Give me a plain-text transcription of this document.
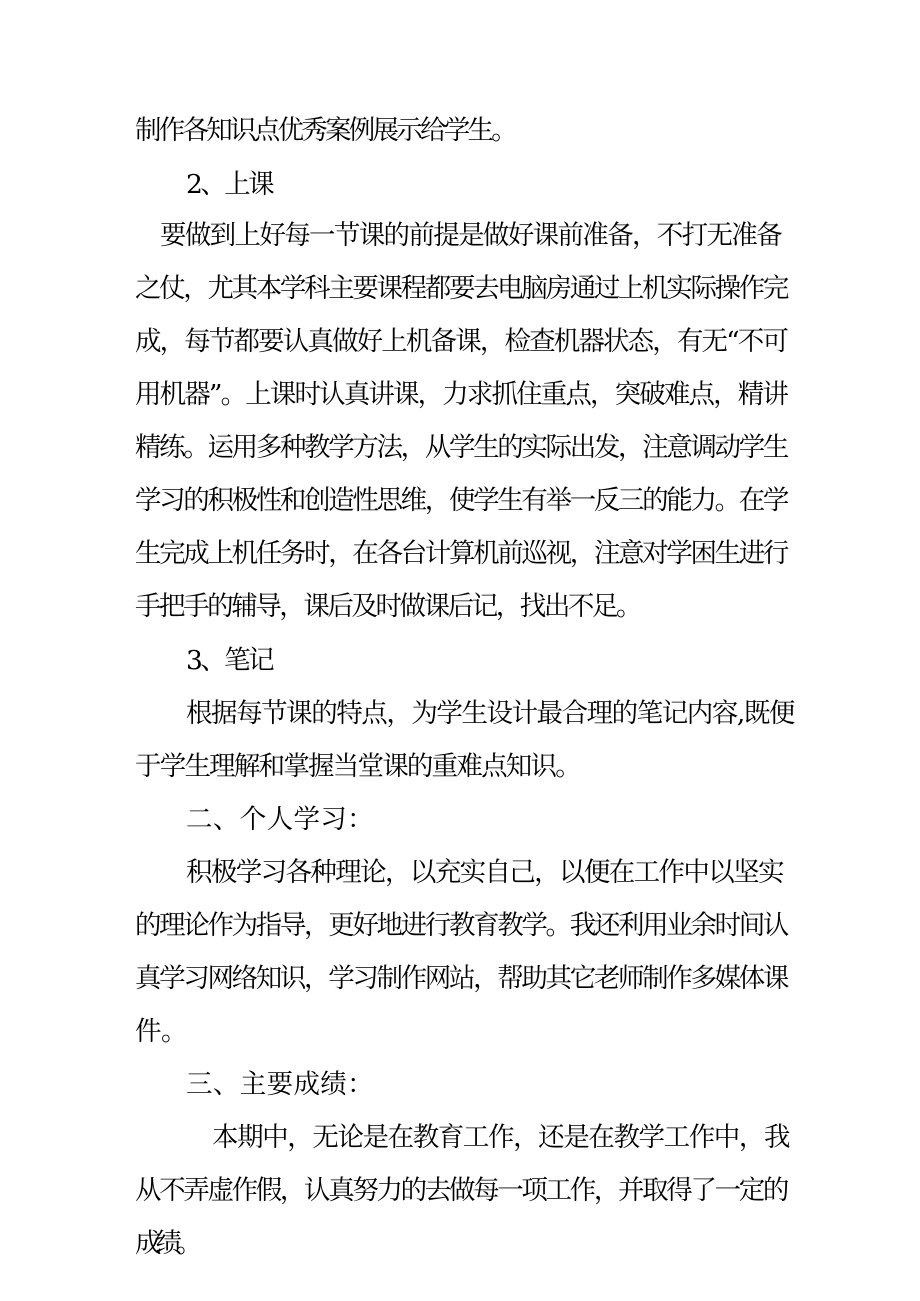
制作各知识点优秀案例展示给学生。

2、上课

要做到上好每一节课的前提是做好课前准备，不打无准备

之仗，尤其本学科主要课程都要去电脑房通过上机实际操作完

成，每节都要认真做好上机备课，检查机器状态，有无“不可

用机器”。上课时认真讲课，力求抓住重点，突破难点，精讲

精练。运用多种教学方法，从学生的实际出发，注意调动学生

学习的积极性和创造性思维，使学生有举一反三的能力。在学

生完成上机任务时，在各台计算机前巡视，注意对学困生进行

手把手的辅导，课后及时做课后记，找出不足。

3、笔记

根据每节课的特点，为学生设计最合理的笔记内容,既便

于学生理解和掌握当堂课的重难点知识。

二、个人学习：

积极学习各种理论，以充实自己，以便在工作中以坚实

的理论作为指导，更好地进行教育教学。我还利用业余时间认

真学习网络知识，学习制作网站，帮助其它老师制作多媒体课

件。

三、主要成绩：

本期中，无论是在教育工作，还是在教学工作中，我

从不弄虚作假，认真努力的去做每一项工作，并取得了一定的

成绩。
